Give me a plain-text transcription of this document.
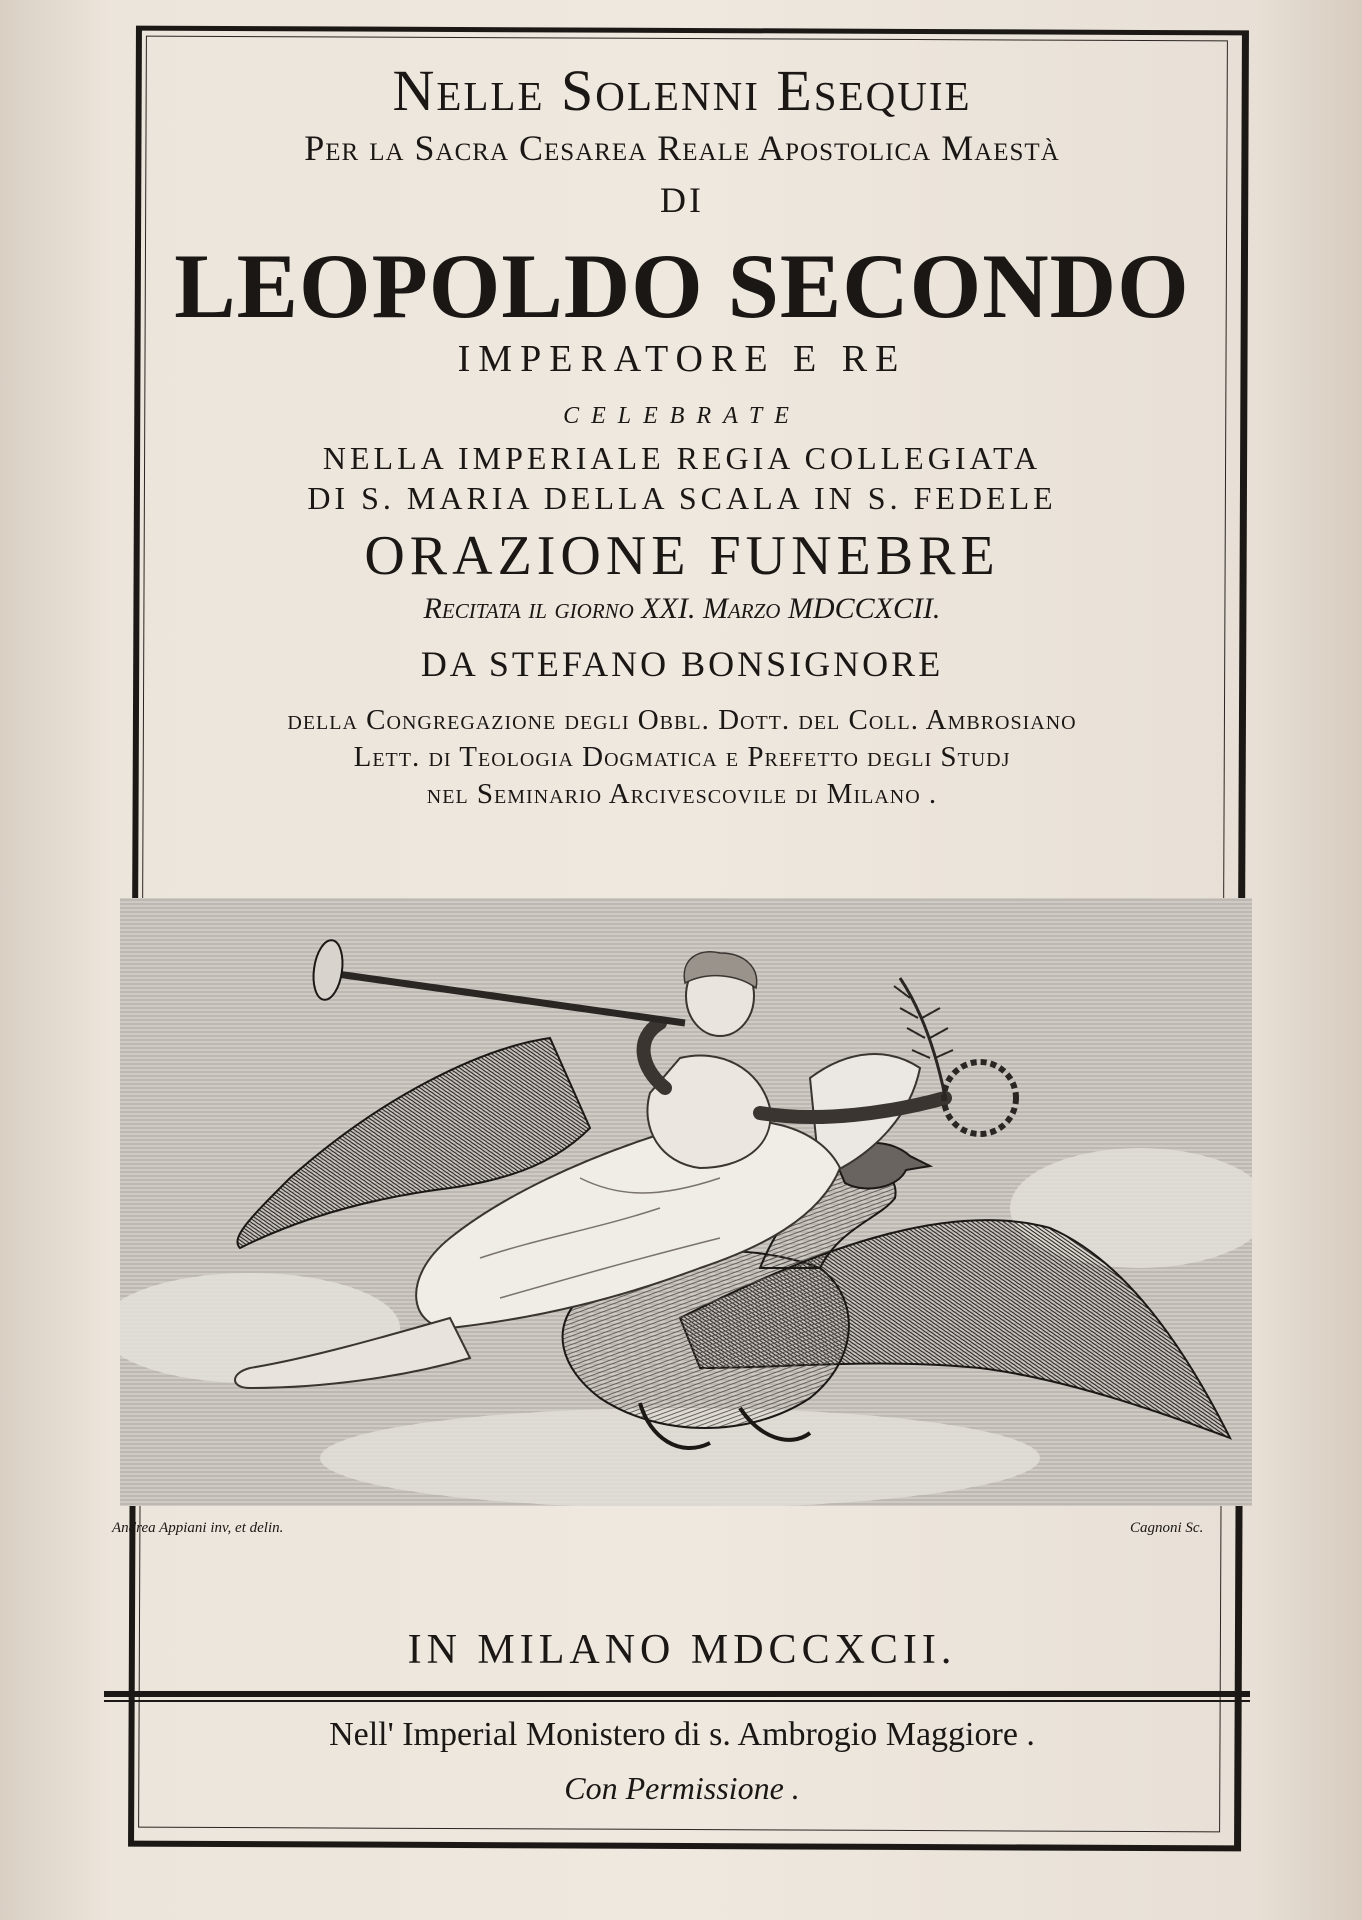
Nelle Solenni Esequie

Per la Sacra Cesarea Reale Apostolica Maestà

DI

LEOPOLDO SECONDO

IMPERATORE E RE

CELEBRATE

NELLA IMPERIALE REGIA COLLEGIATA

DI S. MARIA DELLA SCALA IN S. FEDELE

ORAZIONE FUNEBRE

Recitata il giorno XXI. Marzo MDCCXCII.

DA STEFANO BONSIGNORE

della Congregazione degli Obbl. Dott. del Coll. Ambrosiano

Lett. di Teologia Dogmatica e Prefetto degli Studj

nel Seminario Arcivescovile di Milano .

Andrea Appiani inv, et delin.	Cagnoni Sc.
IN MILANO MDCCXCII.
Nell' Imperial Monistero di s. Ambrogio Maggiore .
Con Permissione .
